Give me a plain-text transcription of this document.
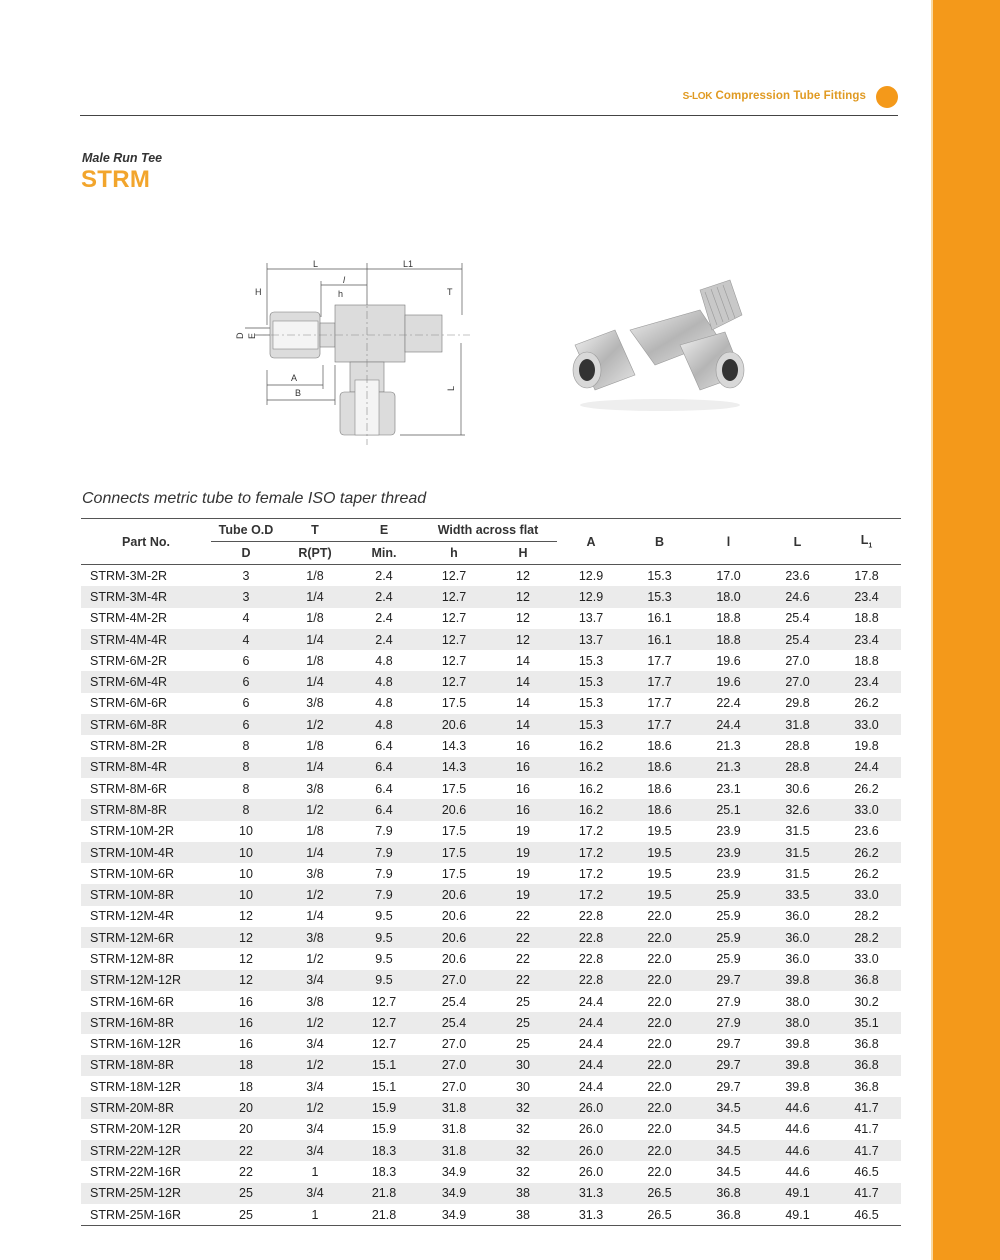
S-LOK Compression Tube Fittings
Male Run Tee
STRM
L
l
L1
H	h	T
D E
A
B	L
Connects metric tube to female ISO taper thread
Part No.	Tube O.D	T	E	Width across flat		A	B	l	L	$L_1$
	D	R(PT)	Min.	h	H					
STRM-3M-2R	3	1/8	2.4	12.7	12	12.9	15.3	17.0	23.6	17.8
STRM-3M-4R	3	1/4	2.4	12.7	12	12.9	15.3	18.0	24.6	23.4
STRM-4M-2R	4	1/8	2.4	12.7	12	13.7	16.1	18.8	25.4	18.8
STRM-4M-4R	4	1/4	2.4	12.7	12	13.7	16.1	18.8	25.4	23.4
STRM-6M-2R	6	1/8	4.8	12.7	14	15.3	17.7	19.6	27.0	18.8
STRM-6M-4R	6	1/4	4.8	12.7	14	15.3	17.7	19.6	27.0	23.4
STRM-6M-6R	6	3/8	4.8	17.5	14	15.3	17.7	22.4	29.8	26.2
STRM-6M-8R	6	1/2	4.8	20.6	14	15.3	17.7	24.4	31.8	33.0
STRM-8M-2R	8	1/8	6.4	14.3	16	16.2	18.6	21.3	28.8	19.8
STRM-8M-4R	8	1/4	6.4	14.3	16	16.2	18.6	21.3	28.8	24.4
STRM-8M-6R	8	3/8	6.4	17.5	16	16.2	18.6	23.1	30.6	26.2
STRM-8M-8R	8	1/2	6.4	20.6	16	16.2	18.6	25.1	32.6	33.0
STRM-10M-2R	10	1/8	7.9	17.5	19	17.2	19.5	23.9	31.5	23.6
STRM-10M-4R	10	1/4	7.9	17.5	19	17.2	19.5	23.9	31.5	26.2
STRM-10M-6R	10	3/8	7.9	17.5	19	17.2	19.5	23.9	31.5	26.2
STRM-10M-8R	10	1/2	7.9	20.6	19	17.2	19.5	25.9	33.5	33.0
STRM-12M-4R	12	1/4	9.5	20.6	22	22.8	22.0	25.9	36.0	28.2
STRM-12M-6R	12	3/8	9.5	20.6	22	22.8	22.0	25.9	36.0	28.2
STRM-12M-8R	12	1/2	9.5	20.6	22	22.8	22.0	25.9	36.0	33.0
STRM-12M-12R	12	3/4	9.5	27.0	22	22.8	22.0	29.7	39.8	36.8
STRM-16M-6R	16	3/8	12.7	25.4	25	24.4	22.0	27.9	38.0	30.2
STRM-16M-8R	16	1/2	12.7	25.4	25	24.4	22.0	27.9	38.0	35.1
STRM-16M-12R	16	3/4	12.7	27.0	25	24.4	22.0	29.7	39.8	36.8
STRM-18M-8R	18	1/2	15.1	27.0	30	24.4	22.0	29.7	39.8	36.8
STRM-18M-12R	18	3/4	15.1	27.0	30	24.4	22.0	29.7	39.8	36.8
STRM-20M-8R	20	1/2	15.9	31.8	32	26.0	22.0	34.5	44.6	41.7
STRM-20M-12R	20	3/4	15.9	31.8	32	26.0	22.0	34.5	44.6	41.7
STRM-22M-12R	22	3/4	18.3	31.8	32	26.0	22.0	34.5	44.6	41.7
STRM-22M-16R	22	1	18.3	34.9	32	26.0	22.0	34.5	44.6	46.5
STRM-25M-12R	25	3/4	21.8	34.9	38	31.3	26.5	36.8	49.1	41.7
STRM-25M-16R	25	1	21.8	34.9	38	31.3	26.5	36.8	49.1	46.5
